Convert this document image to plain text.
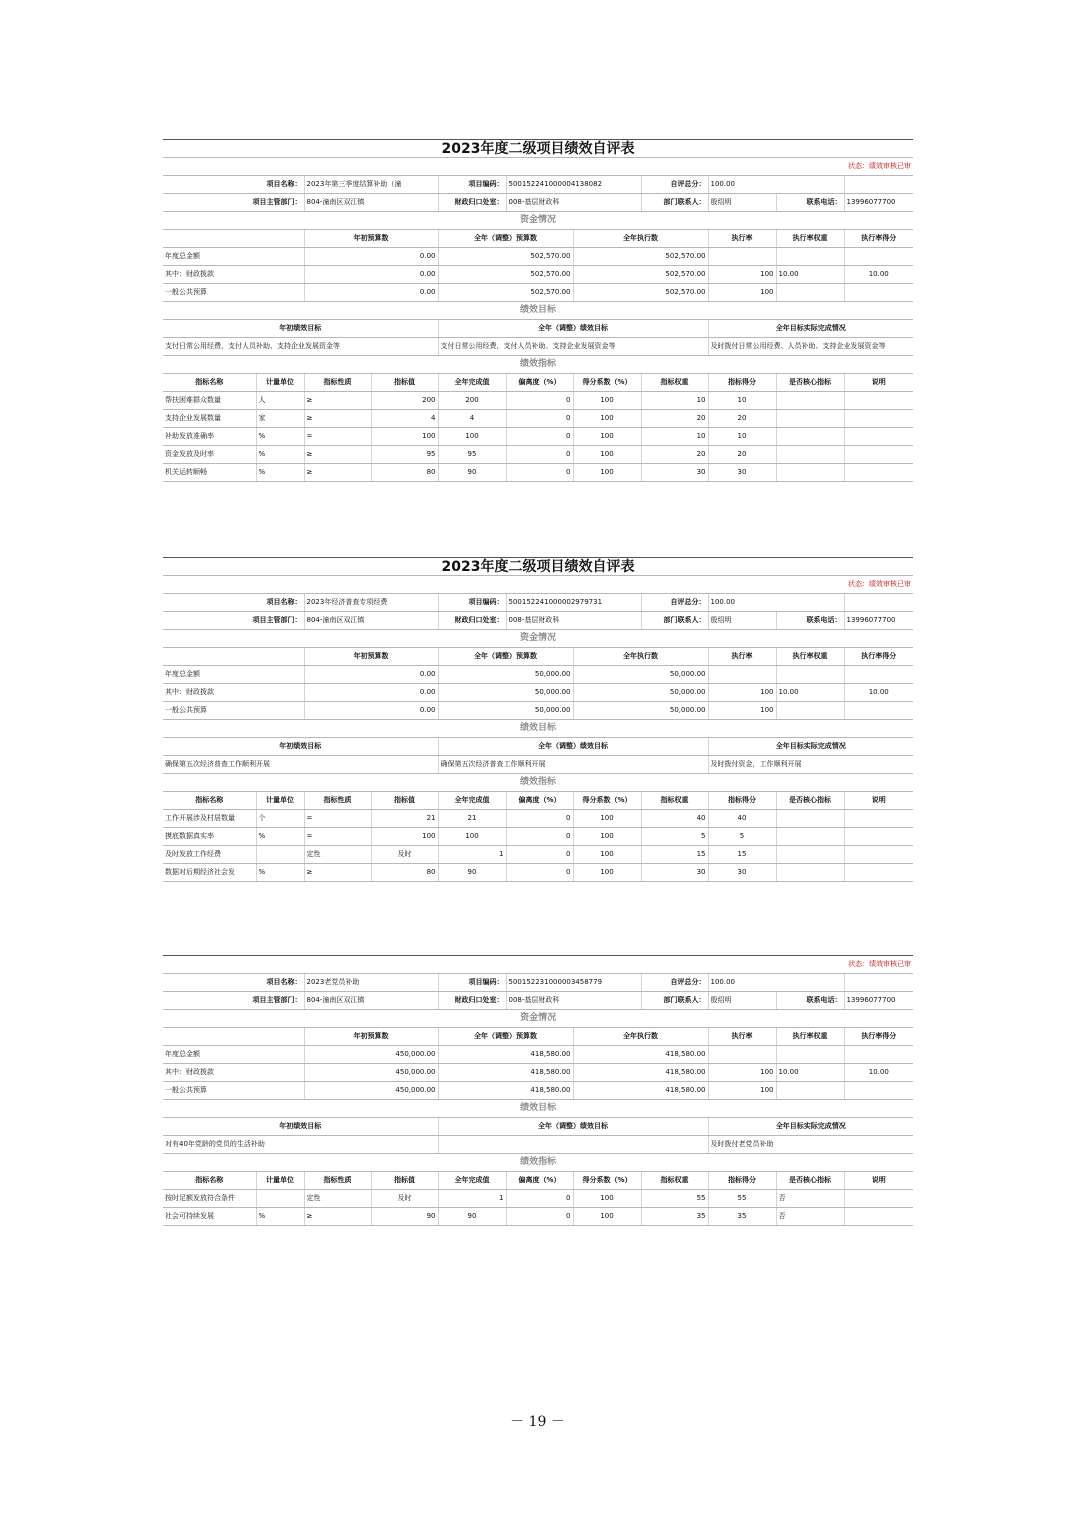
2023年度二级项目绩效自评表										
状态：绩效审核已审										
项目名称：		2023年第三季度结算补助（潼		项目编码：	500152241000004138082		自评总分：	100.00		
项目主管部门：		804-潼南区双江镇		财政归口处室：	008-基层财政科		部门联系人：	殷绍明	联系电话：	13996077700
资金情况										
		年初预算数		全年（调整）预算数		全年执行数		执行率	执行率权重	执行率得分
年度总金额		0.00		502,570.00		502,570.00				
其中：财政拨款		0.00		502,570.00		502,570.00		100	10.00	10.00
一般公共预算		0.00		502,570.00		502,570.00		100		
绩效目标										
年初绩效目标				全年（调整）绩效目标				全年目标实际完成情况		
支付日常公用经费，支付人员补助、支持企业发展资金等				支付日常公用经费，支付人员补助、支持企业发展资金等				及时拨付日常公用经费、人员补助、支持企业发展资金等		
绩效指标										
指标名称	计量单位	指标性质	指标值	全年完成值	偏离度（%）	得分系数（%）	指标权重	指标得分	是否核心指标	说明
帮扶困难群众数量	人	≥	200	200	0	100	10	10		
支持企业发展数量	家	≥	4	4	0	100	20	20		
补助发放准确率	%	=	100	100	0	100	10	10		
资金发放及时率	%	≥	95	95	0	100	20	20		
机关运转顺畅	%	≥	80	90	0	100	30	30		
2023年度二级项目绩效自评表										
状态：绩效审核已审										
项目名称：		2023年经济普查专项经费		项目编码：	500152241000002979731		自评总分：	100.00		
项目主管部门：		804-潼南区双江镇		财政归口处室：	008-基层财政科		部门联系人：	殷绍明	联系电话：	13996077700
资金情况										
		年初预算数		全年（调整）预算数		全年执行数		执行率	执行率权重	执行率得分
年度总金额		0.00		50,000.00		50,000.00				
其中：财政拨款		0.00		50,000.00		50,000.00		100	10.00	10.00
一般公共预算		0.00		50,000.00		50,000.00		100		
绩效目标										
年初绩效目标				全年（调整）绩效目标				全年目标实际完成情况		
确保第五次经济普查工作顺利开展				确保第五次经济普查工作顺利开展				及时拨付资金，工作顺利开展		
绩效指标										
指标名称	计量单位	指标性质	指标值	全年完成值	偏离度（%）	得分系数（%）	指标权重	指标得分	是否核心指标	说明
工作开展涉及村居数量	个	=	21	21	0	100	40	40		
摸底数据真实率	%	=	100	100	0	100	5	5		
及时发放工作经费		定性	及时	1	0	100	15	15		
数据对后期经济社会发	%	≥	80	90	0	100	30	30		
状态：绩效审核已审										
项目名称：		2023老党员补助		项目编码：	500152231000003458779		自评总分：	100.00		
项目主管部门：		804-潼南区双江镇		财政归口处室：	008-基层财政科		部门联系人：	殷绍明	联系电话：	13996077700
资金情况										
		年初预算数		全年（调整）预算数		全年执行数		执行率	执行率权重	执行率得分
年度总金额		450,000.00		418,580.00		418,580.00				
其中：财政拨款		450,000.00		418,580.00		418,580.00		100	10.00	10.00
一般公共预算		450,000.00		418,580.00		418,580.00		100		
绩效目标										
年初绩效目标				全年（调整）绩效目标				全年目标实际完成情况		
对有40年党龄的党员的生活补助								及时拨付老党员补助		
绩效指标										
指标名称	计量单位	指标性质	指标值	全年完成值	偏离度（%）	得分系数（%）	指标权重	指标得分	是否核心指标	说明
按时足额发放符合条件		定性	及时	1	0	100	55	55	否	
社会可持续发展	%	≥	90	90	0	100	35	35	否	
－ 19 －
